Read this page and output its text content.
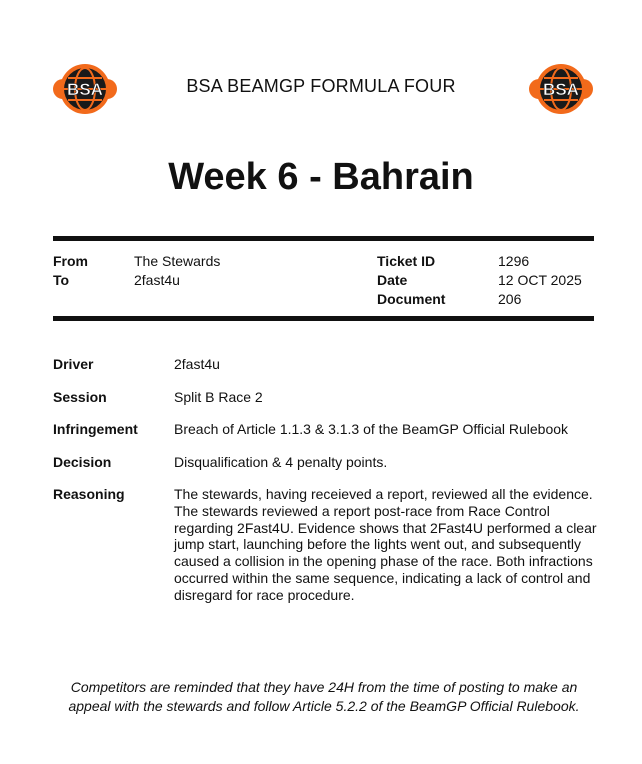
BSA	BSA BEAMGP FORMULA FOUR	BSA
Week 6 - Bahrain
From	The Stewards
To	2fast4u
Ticket ID	1296
Date	12 OCT 2025
Document	206
Driver	2fast4u
Session	Split B Race 2
Infringement	Breach of Article 1.1.3 & 3.1.3 of the BeamGP Official Rulebook
Decision	Disqualification & 4 penalty points.
Reasoning	The stewards, having receieved a report, reviewed all the evidence. The stewards reviewed a report post-race from Race Control regarding 2Fast4U. Evidence shows that 2Fast4U performed a clear jump start, launching before the lights went out, and subsequently caused a collision in the opening phase of the race. Both infractions occurred within the same sequence, indicating a lack of control and disregard for race procedure.
Competitors are reminded that they have 24H from the time of posting to make an appeal with the stewards and follow Article 5.2.2 of the BeamGP Official Rulebook.
